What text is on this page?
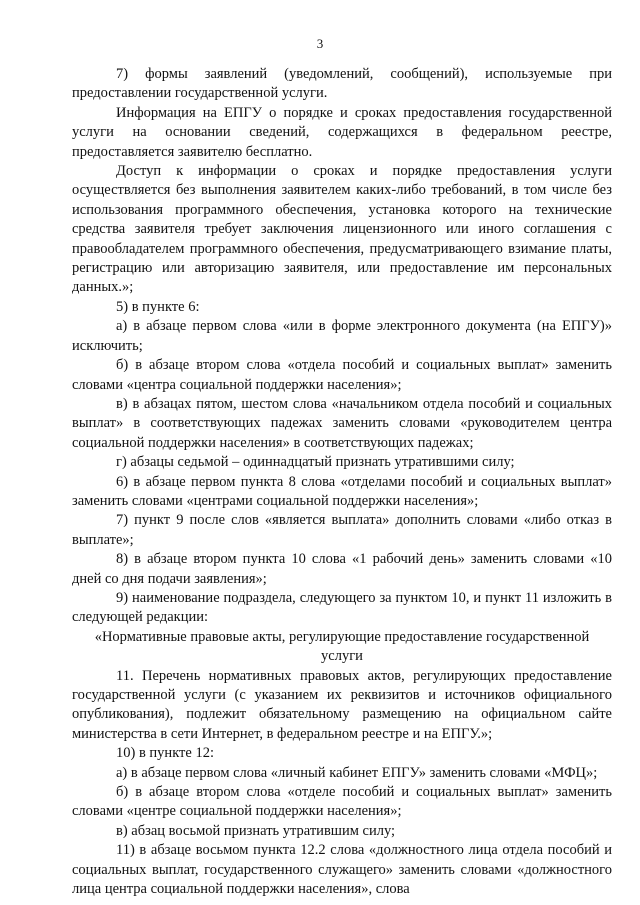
3

7) формы заявлений (уведомлений, сообщений), используемые при предоставлении государственной услуги.

Информация на ЕПГУ о порядке и сроках предоставления государственной услуги на основании сведений, содержащихся в федеральном реестре, предоставляется заявителю бесплатно.

Доступ к информации о сроках и порядке предоставления услуги осуществляется без выполнения заявителем каких-либо требований, в том числе без использования программного обеспечения, установка которого на технические средства заявителя требует заключения лицензионного или иного соглашения с правообладателем программного обеспечения, предусматривающего взимание платы, регистрацию или авторизацию заявителя, или предоставление им персональных данных.»;

5) в пункте 6:

а) в абзаце первом слова «или в форме электронного документа (на ЕПГУ)» исключить;

б) в абзаце втором слова «отдела пособий и социальных выплат» заменить словами «центра социальной поддержки населения»;

в) в абзацах пятом, шестом слова «начальником отдела пособий и социальных выплат» в соответствующих падежах заменить словами «руководителем центра социальной поддержки населения» в соответствующих падежах;

г) абзацы седьмой – одиннадцатый признать утратившими силу;

6) в абзаце первом пункта 8 слова «отделами пособий и социальных выплат» заменить словами «центрами социальной поддержки населения»;

7) пункт 9 после слов «является выплата» дополнить словами «либо отказ в выплате»;

8) в абзаце втором пункта 10 слова «1 рабочий день» заменить словами «10 дней со дня подачи заявления»;

9) наименование подраздела, следующего за пунктом 10, и пункт 11 изложить в следующей редакции:

«Нормативные правовые акты, регулирующие предоставление государственной услуги

11. Перечень нормативных правовых актов, регулирующих предоставление государственной услуги (с указанием их реквизитов и источников официального опубликования), подлежит обязательному размещению на официальном сайте министерства в сети Интернет, в федеральном реестре и на ЕПГУ.»;

10) в пункте 12:

а) в абзаце первом слова «личный кабинет ЕПГУ» заменить словами «МФЦ»;

б) в абзаце втором слова «отделе пособий и социальных выплат» заменить словами «центре социальной поддержки населения»;

в) абзац восьмой признать утратившим силу;

11) в абзаце восьмом пункта 12.2 слова «должностного лица отдела пособий и социальных выплат, государственного служащего» заменить словами «должностного лица центра социальной поддержки населения», слова
